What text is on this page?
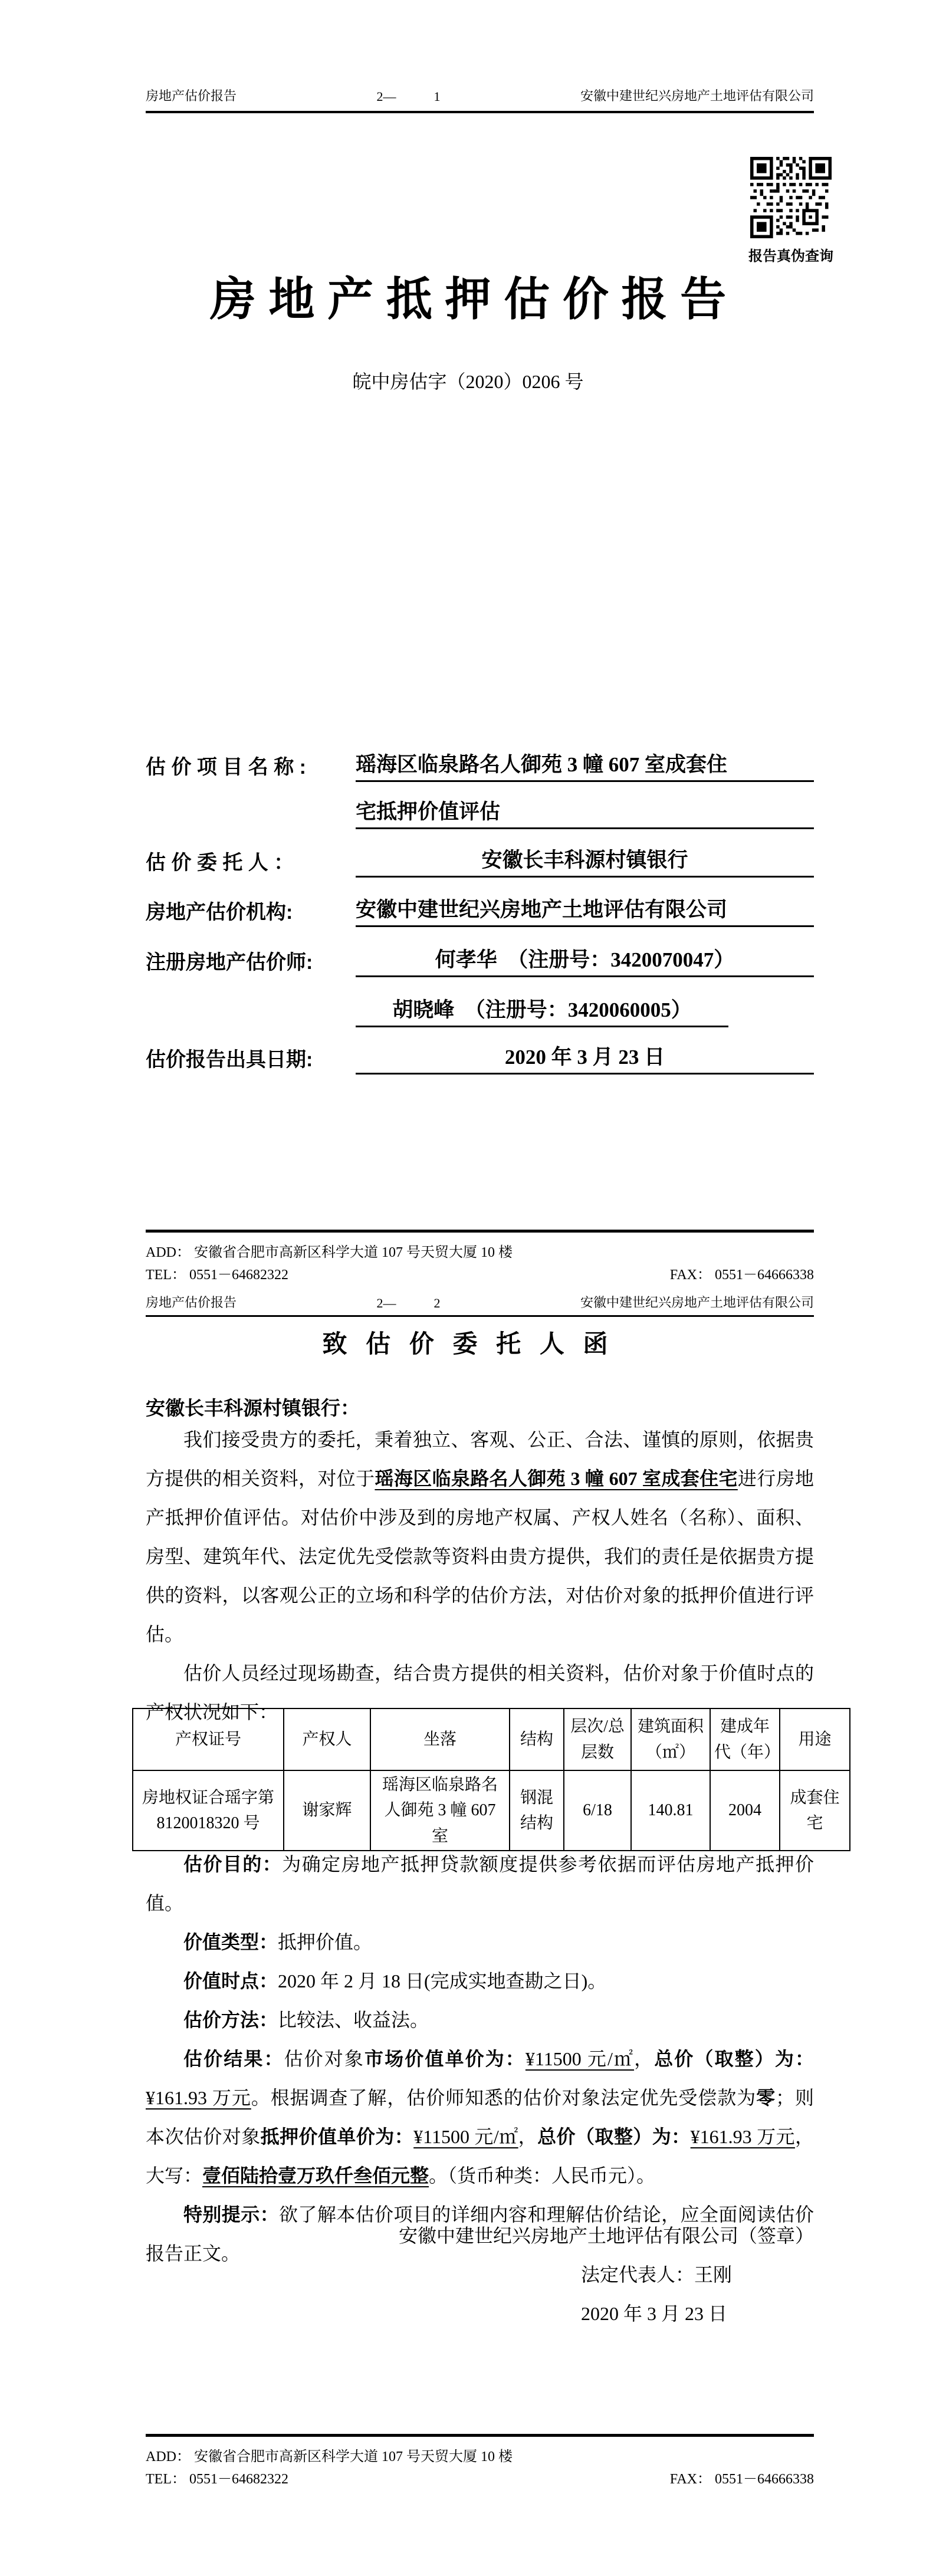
房地产估价报告	2—	1	安徽中建世纪兴房地产土地评估有限公司
报告真伪查询
房 地 产 抵 押 估 价 报 告
皖中房估字（2020）0206 号
估 价 项 目 名 称 :	瑶海区临泉路名人御苑 3 幢 607 室成套住
宅抵押价值评估
估 价 委 托 人 ：	安徽长丰科源村镇银行
房地产估价机构:	安徽中建世纪兴房地产土地评估有限公司
注册房地产估价师:	何孝华　（注册号：3420070047）
胡晓峰　（注册号：3420060005）
估价报告出具日期:	2020 年 3 月 23 日
ADD： 安徽省合肥市高新区科学大道 107 号天贸大厦 10 楼
TEL： 0551－64682322	FAX： 0551－64666338
房地产估价报告	2—	2	安徽中建世纪兴房地产土地评估有限公司
致 估 价 委 托 人 函
安徽长丰科源村镇银行：

我们接受贵方的委托，秉着独立、客观、公正、合法、谨慎的原则，依据贵方提供的相关资料，对位于瑶海区临泉路名人御苑 3 幢 607 室成套住宅进行房地产抵押价值评估。对估价中涉及到的房地产权属、产权人姓名（名称）、面积、房型、建筑年代、法定优先受偿款等资料由贵方提供，我们的责任是依据贵方提供的资料，以客观公正的立场和科学的估价方法，对估价对象的抵押价值进行评估。

估价人员经过现场勘查，结合贵方提供的相关资料，估价对象于价值时点的产权状况如下：

产权证号	产权人	坐落	结构	层次/总层数	建筑面积（㎡）	建成年代（年）	用途
房地权证合瑶字第8120018320 号	谢家辉	瑶海区临泉路名人御苑 3 幢 607 室	钢混结构	6/18	140.81	2004	成套住宅

估价目的：为确定房地产抵押贷款额度提供参考依据而评估房地产抵押价值。

价值类型：抵押价值。

价值时点：2020 年 2 月 18 日(完成实地查勘之日)。

估价方法：比较法、收益法。

估价结果：估价对象市场价值单价为：¥11500 元/㎡，总价（取整）为：¥161.93 万元。根据调查了解，估价师知悉的估价对象法定优先受偿款为零；则本次估价对象抵押价值单价为：¥11500 元/㎡，总价（取整）为：¥161.93 万元，大写：壹佰陆拾壹万玖仟叁佰元整。（货币种类：人民币元）。

特别提示：欲了解本估价项目的详细内容和理解估价结论，应全面阅读估价报告正文。

安徽中建世纪兴房地产土地评估有限公司（签章）
法定代表人：王刚
2020 年 3 月 23 日
ADD： 安徽省合肥市高新区科学大道 107 号天贸大厦 10 楼
TEL： 0551－64682322	FAX： 0551－64666338
